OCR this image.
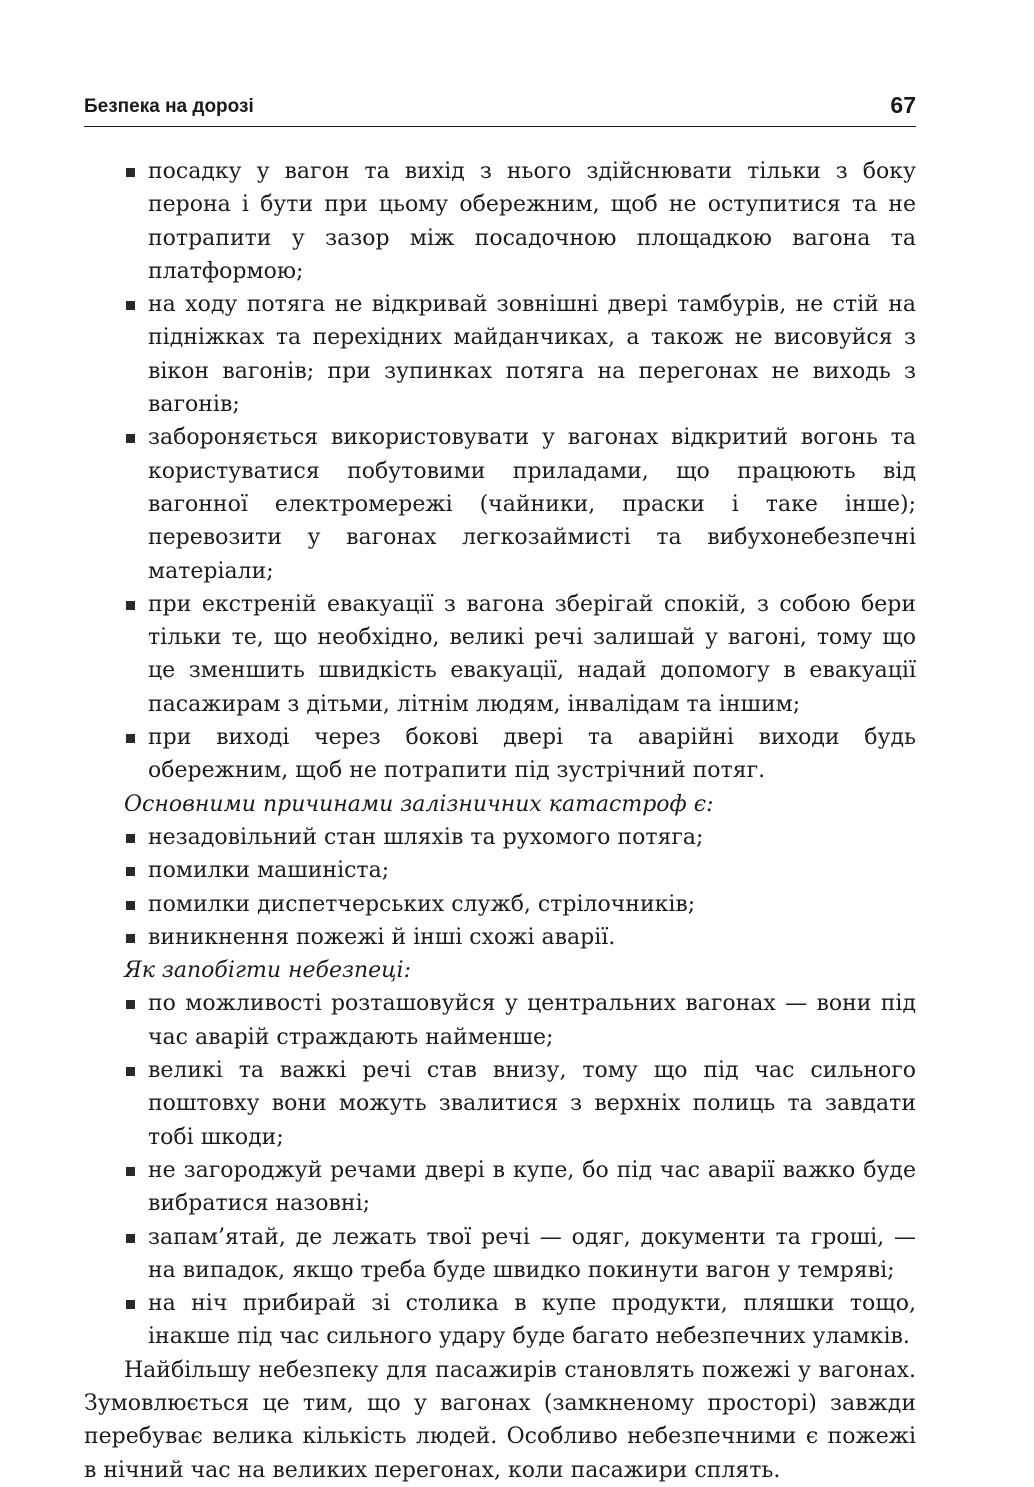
Безпека на дорозі	67
посадку у вагон та вихід з нього здійснювати тільки з боку перона і бути при цьому обережним, щоб не оступитися та не потрапити у зазор між посадочною площадкою вагона та платформою;
на ходу потяга не відкривай зовнішні двері тамбурів, не стій на підніжках та перехідних майданчиках, а також не висовуйся з вікон вагонів; при зупинках потяга на перегонах не виходь з вагонів;
забороняється використовувати у вагонах відкритий вогонь та користуватися побутовими приладами, що працюють від вагонної електромережі (чайники, праски і таке інше); перевозити у вагонах легкозаймисті та вибухонебезпечні матеріали;
при екстреній евакуації з вагона зберігай спокій, з собою бери тільки те, що необхідно, великі речі залишай у вагоні, тому що це зменшить швидкість евакуації, надай допомогу в евакуації пасажирам з дітьми, літнім людям, інвалідам та іншим;
при виході через бокові двері та аварійні виходи будь обережним, щоб не потрапити під зустрічний потяг.

Основними причинами залізничних катастроф є:

незадовільний стан шляхів та рухомого потяга;
помилки машиніста;
помилки диспетчерських служб, стрілочників;
виникнення пожежі й інші схожі аварії.

Як запобігти небезпеці:

по можливості розташовуйся у центральних вагонах — вони під час аварій страждають найменше;
великі та важкі речі став внизу, тому що під час сильного поштовху вони можуть звалитися з верхніх полиць та завдати тобі шкоди;
не загороджуй речами двері в купе, бо під час аварії важко буде вибратися назовні;
запам’ятай, де лежать твої речі — одяг, документи та гроші, — на випадок, якщо треба буде швидко покинути вагон у темряві;
на ніч прибирай зі столика в купе продукти, пляшки тощо, інакше під час сильного удару буде багато небезпечних уламків.

Найбільшу небезпеку для пасажирів становлять пожежі у вагонах. Зумовлюється це тим, що у вагонах (замкненому просторі) завжди перебуває велика кількість людей. Особливо небезпечними є пожежі в нічний час на великих перегонах, коли пасажири сплять.
